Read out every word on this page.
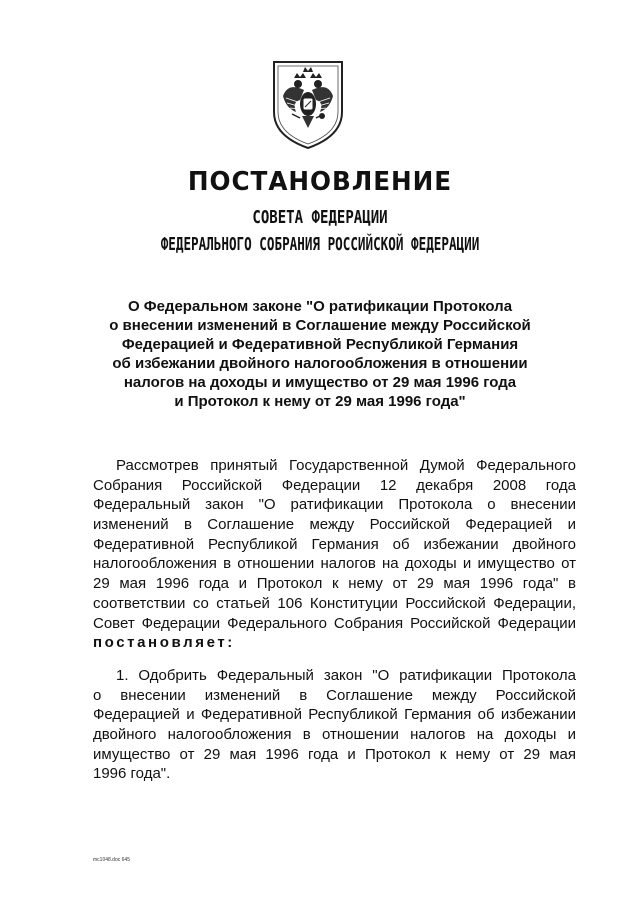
ПОСТАНОВЛЕНИЕ
СОВЕТА ФЕДЕРАЦИИ
ФЕДЕРАЛЬНОГО СОБРАНИЯ РОССИЙСКОЙ ФЕДЕРАЦИИ
О Федеральном законе "О ратификации Протокола
о внесении изменений в Соглашение между Российской
Федерацией и Федеративной Республикой Германия
об избежании двойного налогообложения в отношении
налогов на доходы и имущество от 29 мая 1996 года
и Протокол к нему от 29 мая 1996 года"
Рассмотрев принятый Государственной Думой Федерального
Собрания Российской Федерации 12 декабря 2008 года
Федеральный закон "О ратификации Протокола о внесении
изменений в Соглашение между Российской Федерацией и
Федеративной Республикой Германия об избежании двойного
налогообложения в отношении налогов на доходы и имущество от
29 мая 1996 года и Протокол к нему от 29 мая 1996 года" в
соответствии со статьей 106 Конституции Российской Федерации,
Совет Федерации Федерального Собрания Российской Федерации
постановляет:
1. Одобрить Федеральный закон "О ратификации Протокола
о внесении изменений в Соглашение между Российской
Федерацией и Федеративной Республикой Германия об избежании
двойного налогообложения в отношении налогов на доходы и
имущество от 29 мая 1996 года и Протокол к нему от 29 мая
1996 года".
mc1048.doc 645
